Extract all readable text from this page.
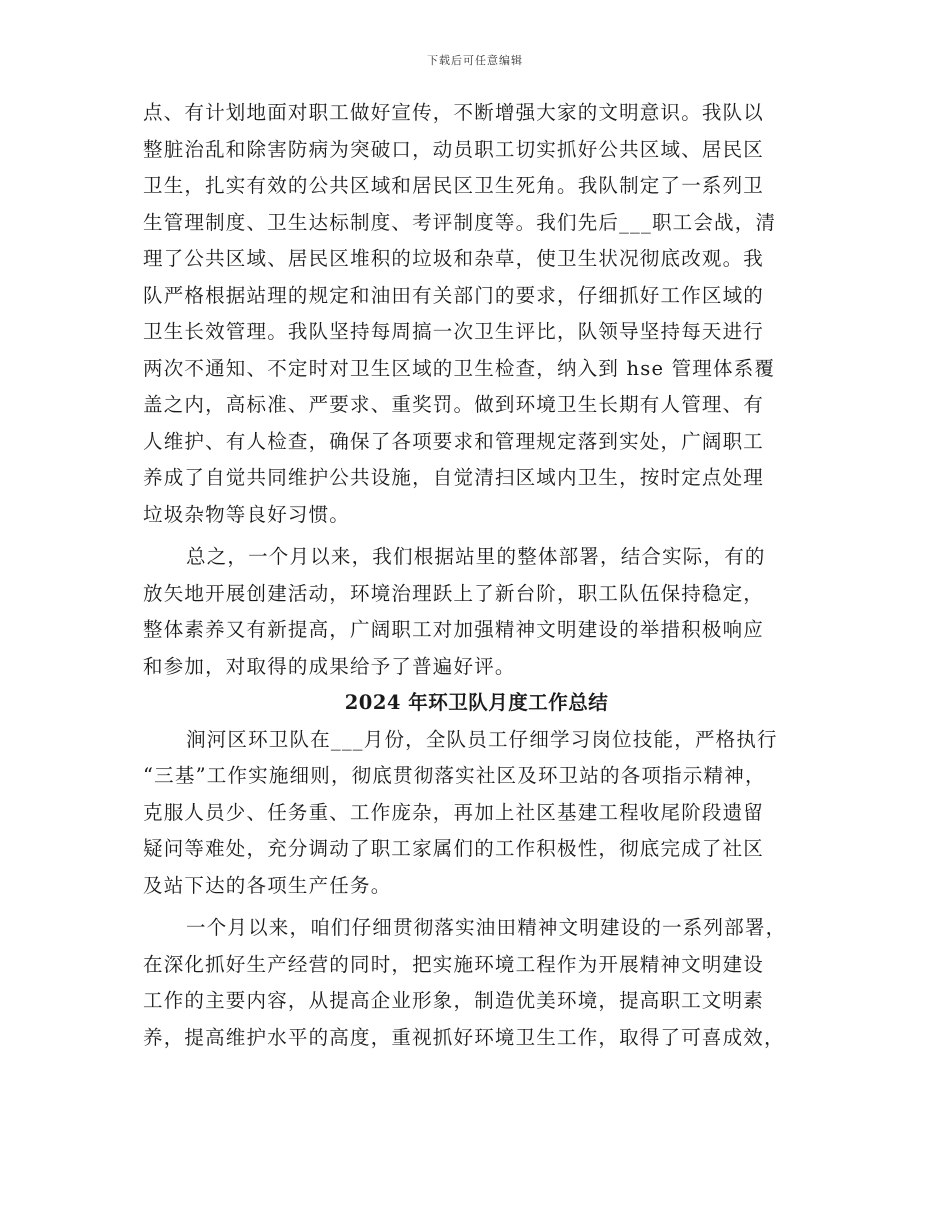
下载后可任意编辑
点、有计划地面对职工做好宣传，不断增强大家的文明意识。我队以
整脏治乱和除害防病为突破口，动员职工切实抓好公共区域、居民区
卫生，扎实有效的公共区域和居民区卫生死角。我队制定了一系列卫
生管理制度、卫生达标制度、考评制度等。我们先后___职工会战，清
理了公共区域、居民区堆积的垃圾和杂草，使卫生状况彻底改观。我
队严格根据站理的规定和油田有关部门的要求，仔细抓好工作区域的
卫生长效管理。我队坚持每周搞一次卫生评比，队领导坚持每天进行
两次不通知、不定时对卫生区域的卫生检查，纳入到 hse 管理体系覆
盖之内，高标准、严要求、重奖罚。做到环境卫生长期有人管理、有
人维护、有人检查，确保了各项要求和管理规定落到实处，广阔职工
养成了自觉共同维护公共设施，自觉清扫区域内卫生，按时定点处理
垃圾杂物等良好习惯。
总之，一个月以来，我们根据站里的整体部署，结合实际，有的
放矢地开展创建活动，环境治理跃上了新台阶，职工队伍保持稳定，
整体素养又有新提高，广阔职工对加强精神文明建设的举措积极响应
和参加，对取得的成果给予了普遍好评。
2024 年环卫队月度工作总结
涧河区环卫队在___月份，全队员工仔细学习岗位技能，严格执行
“三基”工作实施细则，彻底贯彻落实社区及环卫站的各项指示精神，
克服人员少、任务重、工作庞杂，再加上社区基建工程收尾阶段遗留
疑问等难处，充分调动了职工家属们的工作积极性，彻底完成了社区
及站下达的各项生产任务。
一个月以来，咱们仔细贯彻落实油田精神文明建设的一系列部署，
在深化抓好生产经营的同时，把实施环境工程作为开展精神文明建设
工作的主要内容，从提高企业形象，制造优美环境，提高职工文明素
养，提高维护水平的高度，重视抓好环境卫生工作，取得了可喜成效，
